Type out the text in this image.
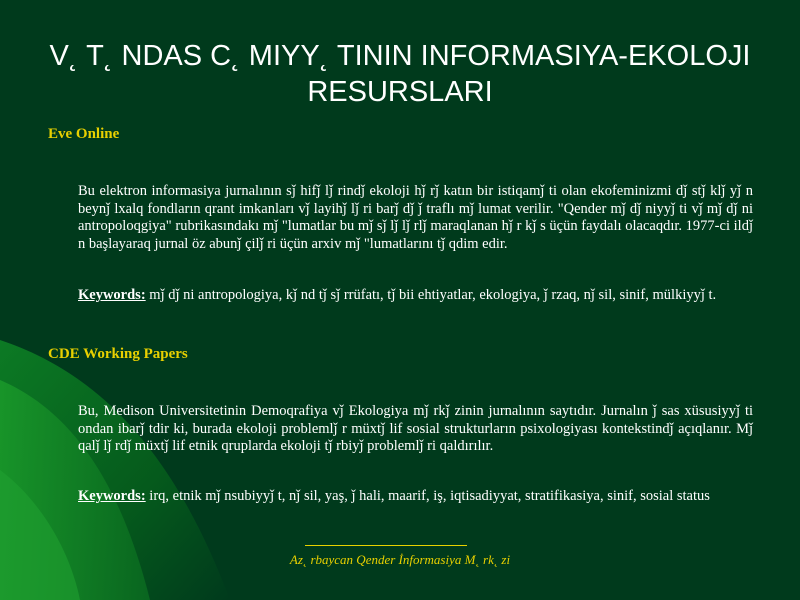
V˛ T˛ NDAS C˛ MIYY˛ TININ INFORMASIYA-EKOLOJI RESURSLARI
Eve Online
Bu elektron informasiya jurnalının sǰ hifǰ lǰ rindǰ ekoloji hǰ rǰ katın bir istiqamǰ ti olan ekofeminizmi dǰ stǰ klǰ yǰ n beynǰ lxalq fondların qrant imkanları vǰ layihǰ lǰ ri barǰ dǰ ǰ traflı mǰ lumat verilir. "Qender mǰ dǰ niyyǰ ti vǰ mǰ dǰ ni antropoloqgiya" rubrikasındakı mǰ "lumatlar bu mǰ sǰ lǰ lǰ rlǰ maraqlanan hǰ r kǰ s üçün faydalı olacaqdır. 1977-ci ildǰ n başlayaraq jurnal öz abunǰ çilǰ ri üçün arxiv mǰ "lumatlarını tǰ qdim edir.
Keywords: mǰ dǰ ni antropologiya, kǰ nd tǰ sǰ rrüfatı, tǰ bii ehtiyatlar, ekologiya, ǰ rzaq, nǰ sil, sinif, mülkiyyǰ t.
CDE Working Papers
Bu, Medison Universitetinin Demoqrafiya vǰ Ekologiya mǰ rkǰ zinin jurnalının saytıdır. Jurnalın ǰ sas xüsusiyyǰ ti ondan ibarǰ tdir ki, burada ekoloji problemlǰ r müxtǰ lif sosial strukturların psixologiyası kontekstindǰ açıqlanır. Mǰ qalǰ lǰ rdǰ müxtǰ lif etnik qruplarda ekoloji tǰ rbiyǰ problemlǰ ri qaldırılır.
Keywords: irq, etnik mǰ nsubiyyǰ t, nǰ sil, yaş, ǰ hali, maarif, iş, iqtisadiyyat, stratifikasiya, sinif, sosial status
Az˛ rbaycan Qender İnformasiya M˛ rk˛ zi
